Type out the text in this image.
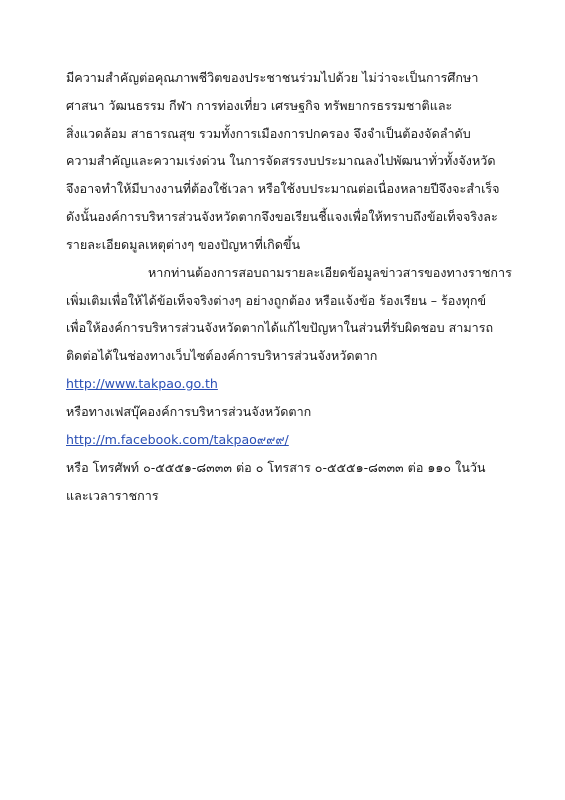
มีความสำคัญต่อคุณภาพชีวิตของประชาชนร่วมไปด้วย ไม่ว่าจะเป็นการศึกษา
ศาสนา วัฒนธรรม กีฬา การท่องเที่ยว เศรษฐกิจ ทรัพยากรธรรมชาติและ
สิ่งแวดล้อม สาธารณสุข รวมทั้งการเมืองการปกครอง จึงจำเป็นต้องจัดลำดับ
ความสำคัญและความเร่งด่วน ในการจัดสรรงบประมาณลงไปพัฒนาทั่วทั้งจังหวัด
จึงอาจทำให้มีบางงานที่ต้องใช้เวลา หรือใช้งบประมาณต่อเนื่องหลายปีจึงจะสำเร็จ
ดังนั้นองค์การบริหารส่วนจังหวัดตากจึงขอเรียนชี้แจงเพื่อให้ทราบถึงข้อเท็จจริงละ
รายละเอียดมูลเหตุต่างๆ ของปัญหาที่เกิดขึ้น
หากท่านต้องการสอบถามรายละเอียดข้อมูลข่าวสารของทางราชการ
เพิ่มเติมเพื่อให้ได้ข้อเท็จจริงต่างๆ อย่างถูกต้อง หรือแจ้งข้อ ร้องเรียน – ร้องทุกข์
เพื่อให้องค์การบริหารส่วนจังหวัดตากได้แก้ไขปัญหาในส่วนที่รับผิดชอบ สามารถ
ติดต่อได้ในช่องทางเว็บไซต์องค์การบริหารส่วนจังหวัดตาก
http://www.takpao.go.th
หรือทางเฟสบุ๊คองค์การบริหารส่วนจังหวัดตาก
http://m.facebook.com/takpao๙๙๙/
หรือ โทรศัพท์ ๐-๕๕๕๑-๘๓๓๓ ต่อ ๐ โทรสาร ๐-๕๕๕๑-๘๓๓๓ ต่อ ๑๑๐ ในวัน
และเวลาราชการ
